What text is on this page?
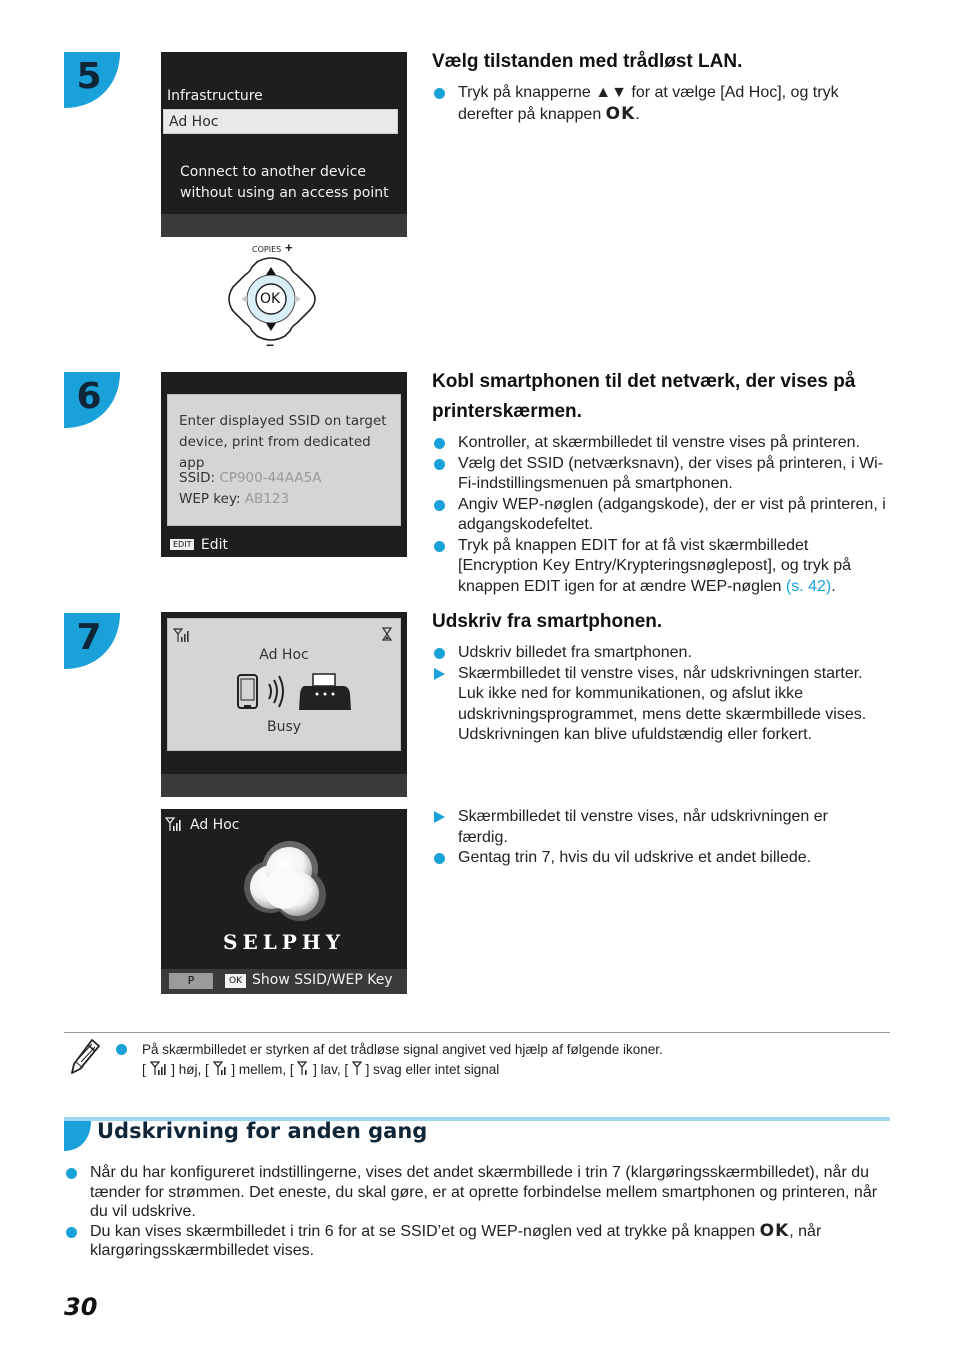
5	Infrastructure
Ad Hoc
Connect to another device
without using an access point
COPIES +
OK
−
Vælg tilstanden med trådløst LAN.
Tryk på knapperne ▲▼ for at vælge [Ad Hoc], og tryk derefter på knappen OK.
6
Enter displayed SSID on target
device, print from dedicated app
SSID: CP900-44AA5A
WEP key: AB123
EDIT Edit
Kobl smartphonen til det netværk, der vises på
printerskærmen.
Kontroller, at skærmbilledet til venstre vises på printeren.
Vælg det SSID (netværksnavn), der vises på printeren, i Wi-Fi-indstillingsmenuen på smartphonen.
Angiv WEP-nøglen (adgangskode), der er vist på printeren, i adgangskodefeltet.
Tryk på knappen EDIT for at få vist skærmbilledet [Encryption Key Entry/Krypteringsnøglepost], og tryk på knappen EDIT igen for at ændre WEP-nøglen (s. 42).
7	Ad Hoc
Busy
Ad Hoc
SELPHY
P	OK Show SSID/WEP Key
Udskriv fra smartphonen.
Udskriv billedet fra smartphonen.
Skærmbilledet til venstre vises, når udskrivningen starter. Luk ikke ned for kommunikationen, og afslut ikke udskrivningsprogrammet, mens dette skærmbillede vises. Udskrivningen kan blive ufuldstændig eller forkert.
Skærmbilledet til venstre vises, når udskrivningen er færdig.
Gentag trin 7, hvis du vil udskrive et andet billede.
På skærmbilledet er styrken af det trådløse signal angivet ved hjælp af følgende ikoner.
[  ] høj, [ ] mellem, [ ] lav, [ ] svag eller intet signal
Udskrivning for anden gang
Når du har konfigureret indstillingerne, vises det andet skærmbillede i trin 7 (klargøringsskærmbilledet), når du tænder for strømmen. Det eneste, du skal gøre, er at oprette forbindelse mellem smartphonen og printeren, når du vil udskrive.
Du kan vises skærmbilledet i trin 6 for at se SSID’et og WEP-nøglen ved at trykke på knappen OK, når klargøringsskærmbilledet vises.
30
